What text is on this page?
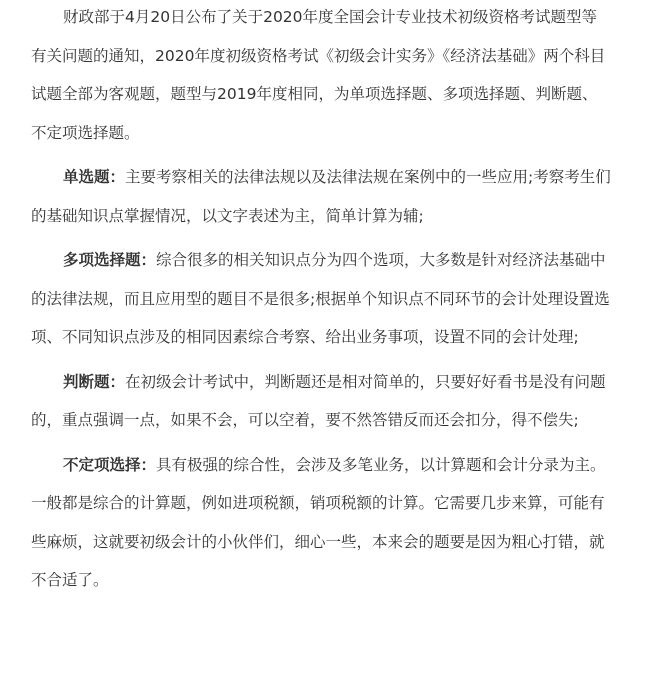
财政部于4月20日公布了关于2020年度全国会计专业技术初级资格考试题型等有关问题的通知，2020年度初级资格考试《初级会计实务》《经济法基础》两个科目试题全部为客观题，题型与2019年度相同，为单项选择题、多项选择题、判断题、不定项选择题。

单选题：主要考察相关的法律法规以及法律法规在案例中的一些应用;考察考生们的基础知识点掌握情况，以文字表述为主，简单计算为辅;

多项选择题：综合很多的相关知识点分为四个选项，大多数是针对经济法基础中的法律法规，而且应用型的题目不是很多;根据单个知识点不同环节的会计处理设置选项、不同知识点涉及的相同因素综合考察、给出业务事项，设置不同的会计处理;

判断题：在初级会计考试中，判断题还是相对简单的，只要好好看书是没有问题的，重点强调一点，如果不会，可以空着，要不然答错反而还会扣分，得不偿失;

不定项选择：具有极强的综合性，会涉及多笔业务，以计算题和会计分录为主。一般都是综合的计算题，例如进项税额，销项税额的计算。它需要几步来算，可能有些麻烦，这就要初级会计的小伙伴们，细心一些，本来会的题要是因为粗心打错，就不合适了。
